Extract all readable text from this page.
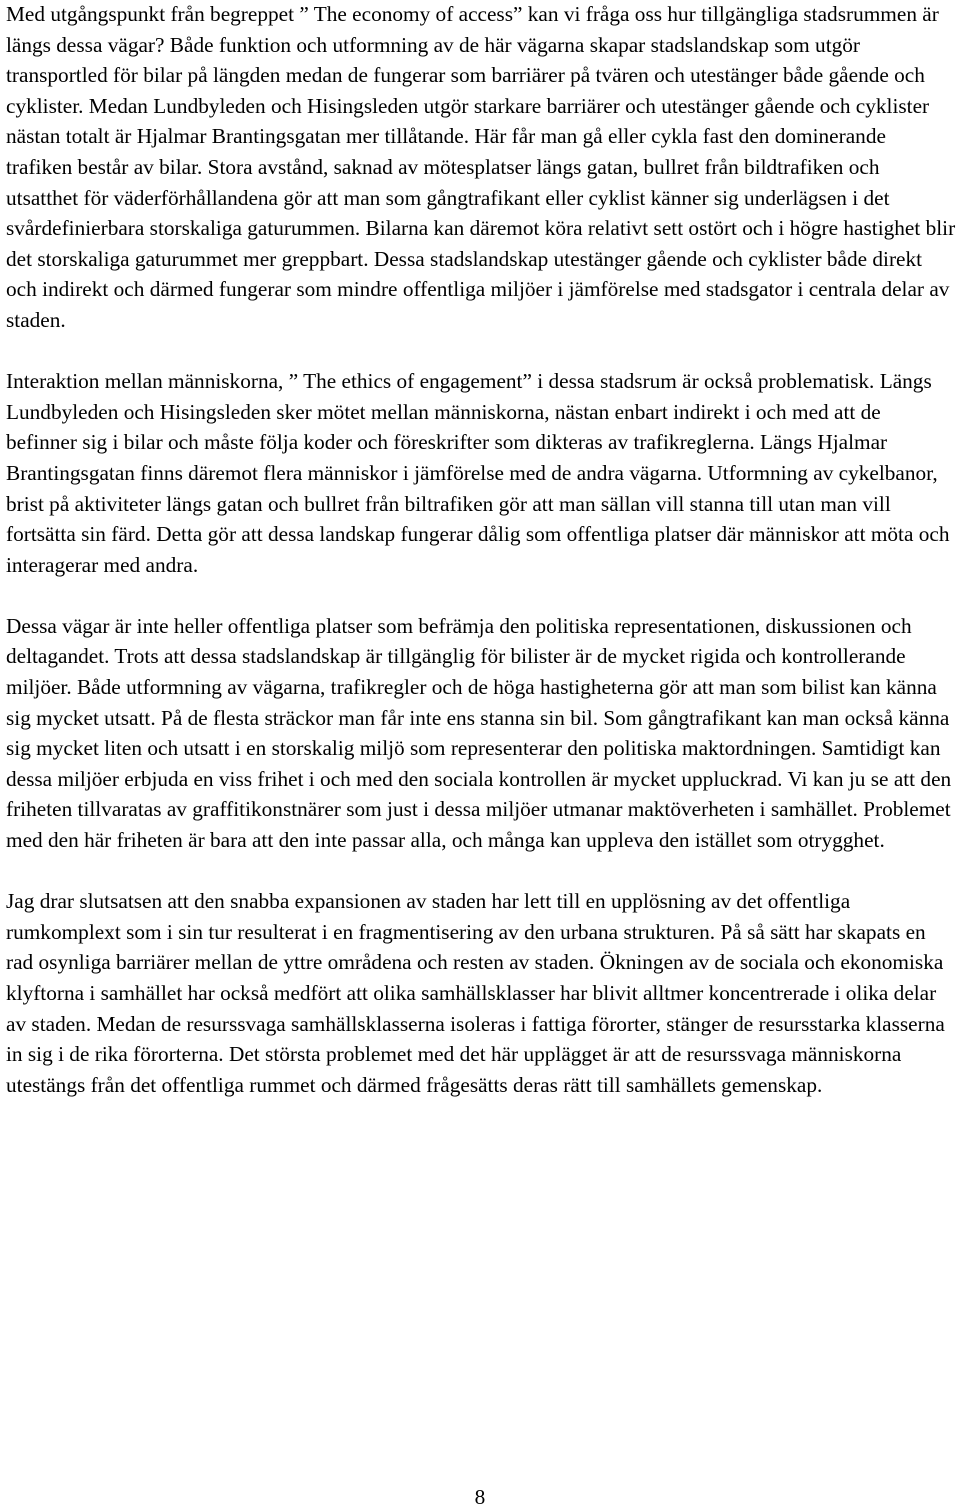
Med utgångspunkt från begreppet ” The economy of access” kan vi fråga oss hur tillgängliga stadsrummen är längs dessa vägar? Både funktion och utformning av de här vägarna skapar stadslandskap som utgör transportled för bilar på längden medan de fungerar som barriärer på tvären och utestänger både gående och cyklister. Medan Lundbyleden och Hisingsleden utgör starkare barriärer och utestänger gående och cyklister nästan totalt är Hjalmar Brantingsgatan mer tillåtande. Här får man gå eller cykla fast den dominerande trafiken består av bilar. Stora avstånd, saknad av mötesplatser längs gatan, bullret från bildtrafiken och utsatthet för väderförhållandena gör att man som gångtrafikant eller cyklist känner sig underlägsen i det svårdefinierbara storskaliga gaturummen. Bilarna kan däremot köra relativt sett ostört och i högre hastighet blir det storskaliga gaturummet mer greppbart. Dessa stadslandskap utestänger gående och cyklister både direkt och indirekt och därmed fungerar som mindre offentliga miljöer i jämförelse med stadsgator i centrala delar av staden.

Interaktion mellan människorna, ” The ethics of engagement” i dessa stadsrum är också problematisk. Längs Lundbyleden och Hisingsleden sker mötet mellan människorna, nästan enbart indirekt i och med att de befinner sig i bilar och måste följa koder och föreskrifter som dikteras av trafikreglerna. Längs Hjalmar Brantingsgatan finns däremot flera människor i jämförelse med de andra vägarna. Utformning av cykelbanor, brist på aktiviteter längs gatan och bullret från biltrafiken gör att man sällan vill stanna till utan man vill fortsätta sin färd. Detta gör att dessa landskap fungerar dålig som offentliga platser där människor att möta och interagerar med andra.

Dessa vägar är inte heller offentliga platser som befrämja den politiska representationen, diskussionen och deltagandet. Trots att dessa stadslandskap är tillgänglig för bilister är de mycket rigida och kontrollerande miljöer. Både utformning av vägarna, trafikregler och de höga hastigheterna gör att man som bilist kan känna sig mycket utsatt. På de flesta sträckor man får inte ens stanna sin bil. Som gångtrafikant kan man också känna sig mycket liten och utsatt i en storskalig miljö som representerar den politiska maktordningen. Samtidigt kan dessa miljöer erbjuda en viss frihet i och med den sociala kontrollen är mycket uppluckrad. Vi kan ju se att den friheten tillvaratas av graffitikonstnärer som just i dessa miljöer utmanar maktöverheten i samhället. Problemet med den här friheten är bara att den inte passar alla, och många kan uppleva den istället som otrygghet.

Jag drar slutsatsen att den snabba expansionen av staden har lett till en upplösning av det offentliga rumkomplext som i sin tur resulterat i en fragmentisering av den urbana strukturen. På så sätt har skapats en rad osynliga barriärer mellan de yttre områdena och resten av staden. Ökningen av de sociala och ekonomiska klyftorna i samhället har också medfört att olika samhällsklasser har blivit alltmer koncentrerade i olika delar av staden. Medan de resurssvaga samhällsklasserna isoleras i fattiga förorter, stänger de resursstarka klasserna in sig i de rika förorterna. Det största problemet med det här upplägget är att de resurssvaga människorna utestängs från det offentliga rummet och därmed frågesätts deras rätt till samhällets gemenskap.

8
